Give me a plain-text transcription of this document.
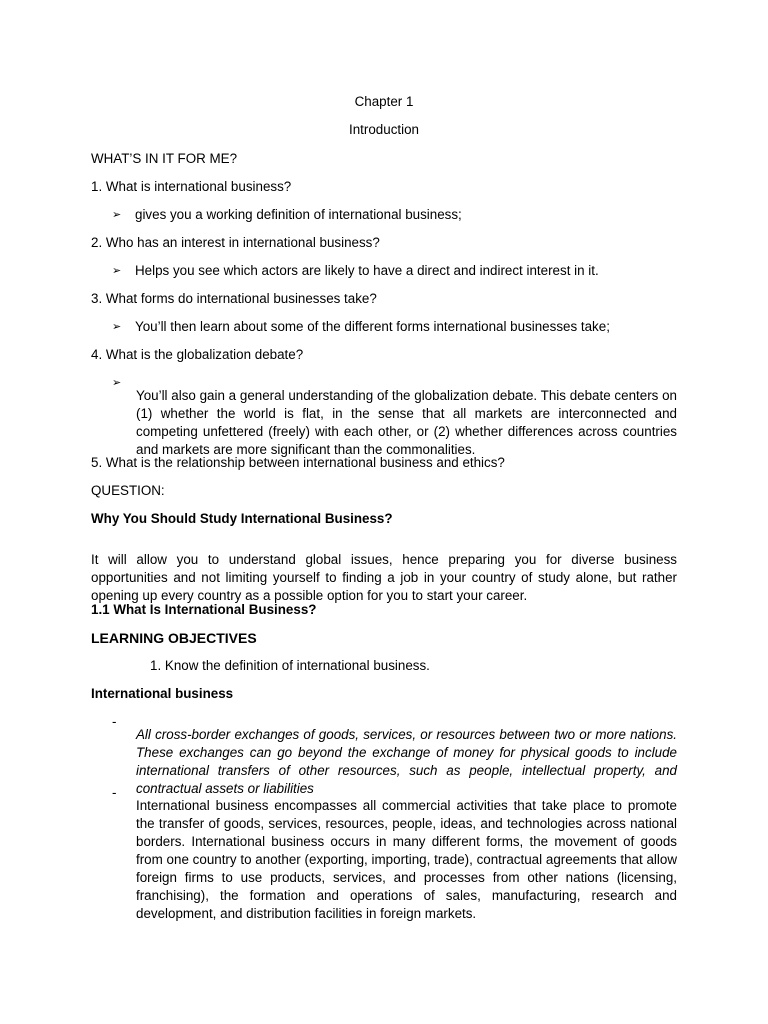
Chapter 1

Introduction

WHAT’S IN IT FOR ME?

1. What is international business?

➢	gives you a working definition of international business;

2. Who has an interest in international business?

➢	Helps you see which actors are likely to have a direct and indirect interest in it.

3. What forms do international businesses take?

➢	You’ll then learn about some of the different forms international businesses take;

4. What is the globalization debate?

➢

You’ll also gain a general understanding of the globalization debate. This debate centers on (1) whether the world is flat, in the sense that all markets are interconnected and competing unfettered (freely) with each other, or (2) whether differences across countries and markets are more significant than the commonalities.

5. What is the relationship between international business and ethics?

QUESTION:

Why You Should Study International Business?

It will allow you to understand global issues, hence preparing you for diverse business opportunities and not limiting yourself to finding a job in your country of study alone, but rather opening up every country as a possible option for you to start your career.

1.1 What Is International Business?

LEARNING OBJECTIVES

1. Know the definition of international business.

International business

-

All cross-border exchanges of goods, services, or resources between two or more nations. These exchanges can go beyond the exchange of money for physical goods to include international transfers of other resources, such as people, intellectual property, and contractual assets or liabilities

-

International business encompasses all commercial activities that take place to promote the transfer of goods, services, resources, people, ideas, and technologies across national borders. International business occurs in many different forms, the movement of goods from one country to another (exporting, importing, trade), contractual agreements that allow foreign firms to use products, services, and processes from other nations (licensing, franchising), the formation and operations of sales, manufacturing, research and development, and distribution facilities in foreign markets.
